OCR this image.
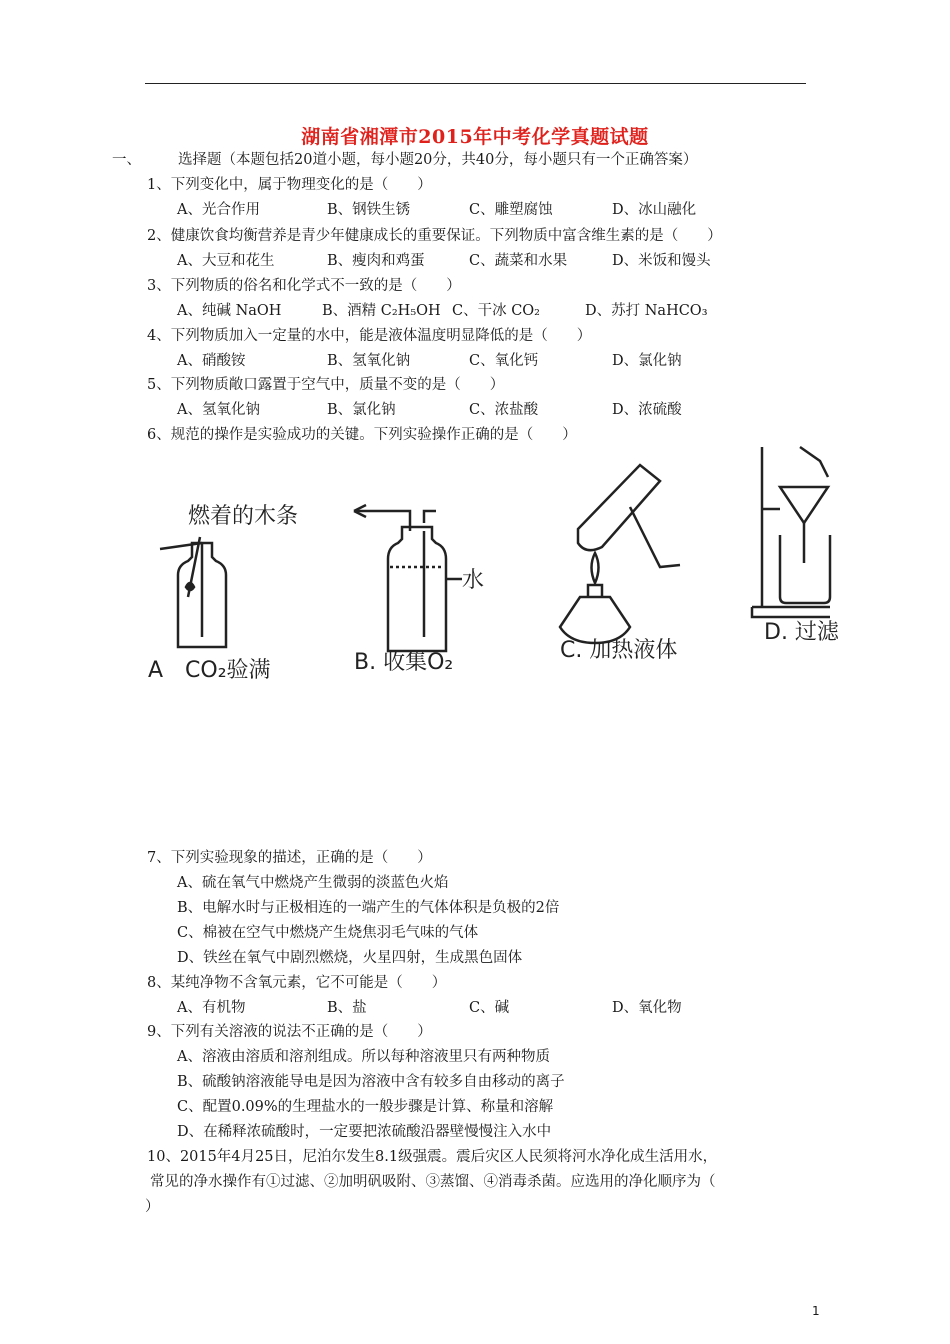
湖南省湘潭市2015年中考化学真题试题
一、	选择题（本题包括20道小题，每小题20分，共40分，每小题只有一个正确答案）
1、下列变化中，属于物理变化的是（　　）
A、光合作用	B、钢铁生锈	C、雕塑腐蚀	D、冰山融化
2、健康饮食均衡营养是青少年健康成长的重要保证。下列物质中富含维生素的是（　　）
A、大豆和花生	B、瘦肉和鸡蛋	C、蔬菜和水果	D、米饭和馒头
3、下列物质的俗名和化学式不一致的是（　　）
A、纯碱 NaOH	B、酒精 C₂H₅OH C、干冰 CO₂	D、苏打 NaHCO₃
4、下列物质加入一定量的水中，能是液体温度明显降低的是（　　）
A、硝酸铵	B、氢氧化钠	C、氧化钙	D、氯化钠
5、下列物质敞口露置于空气中，质量不变的是（　　）
A、氢氧化钠	B、氯化钠	C、浓盐酸	D、浓硫酸
6、规范的操作是实验成功的关键。下列实验操作正确的是（　　）
燃着的木条
水
A　CO₂验满	B. 收集O₂	C. 加热液体
D. 过滤
7、下列实验现象的描述，正确的是（　　）
A、硫在氧气中燃烧产生微弱的淡蓝色火焰
B、电解水时与正极相连的一端产生的气体体积是负极的2倍
C、棉被在空气中燃烧产生烧焦羽毛气味的气体
D、铁丝在氧气中剧烈燃烧，火星四射，生成黑色固体
8、某纯净物不含氧元素，它不可能是（　　）
A、有机物	B、盐	C、碱	D、氧化物
9、下列有关溶液的说法不正确的是（　　）
A、溶液由溶质和溶剂组成。所以每种溶液里只有两种物质
B、硫酸钠溶液能导电是因为溶液中含有较多自由移动的离子
C、配置0.09%的生理盐水的一般步骤是计算、称量和溶解
D、在稀释浓硫酸时，一定要把浓硫酸沿器壁慢慢注入水中
10、2015年4月25日，尼泊尔发生8.1级强震。震后灾区人民须将河水净化成生活用水，
常见的净水操作有①过滤、②加明矾吸附、③蒸馏、④消毒杀菌。应选用的净化顺序为（
）
1
